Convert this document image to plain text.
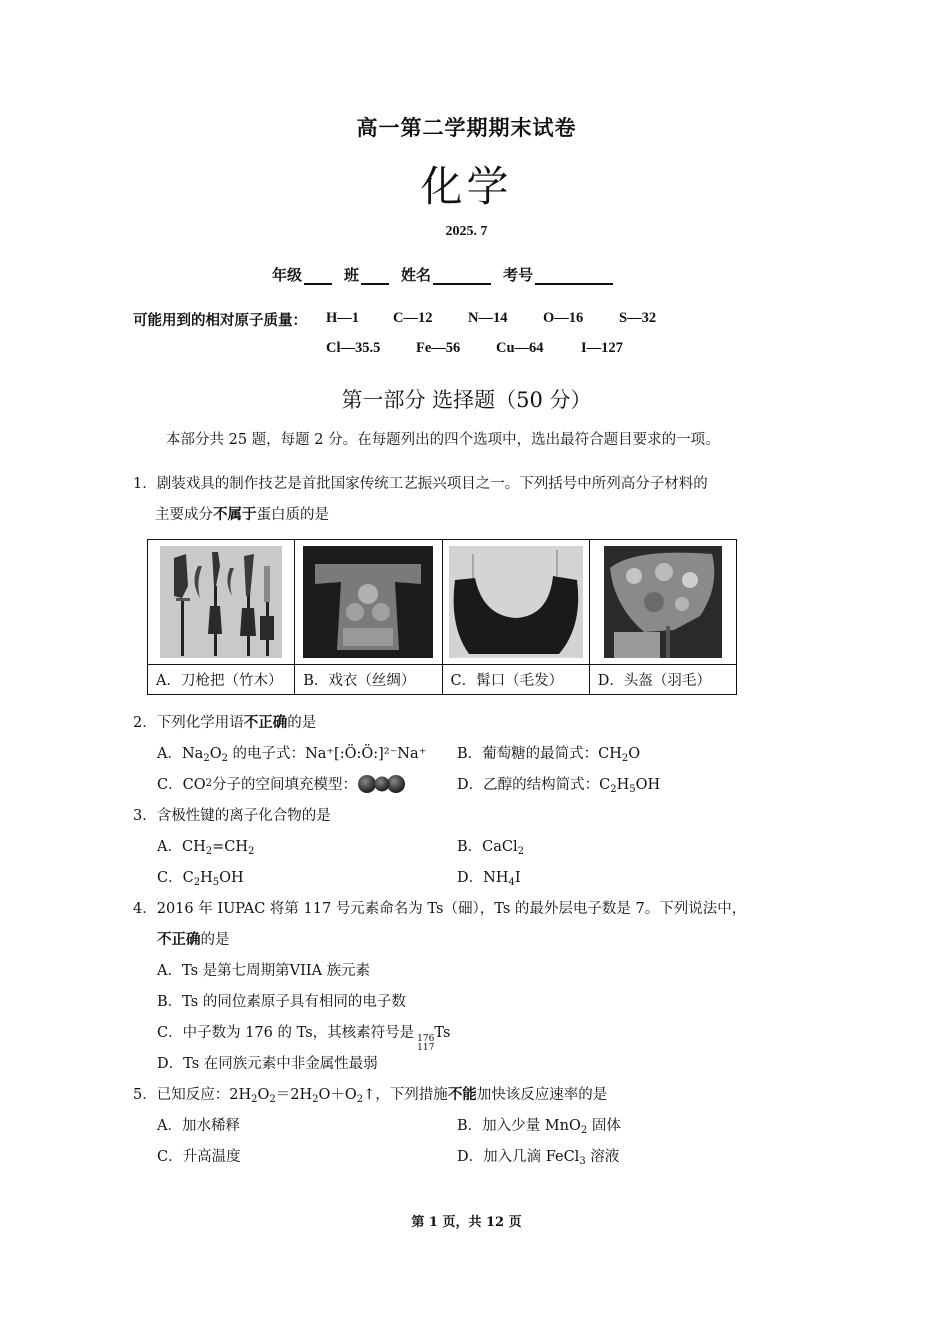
高一第二学期期末试卷
化学
2025. 7
年级	班	姓名	考号
可能用到的相对原子质量： H—1 C—12 N—14 O—16 S—32
Cl—35.5 Fe—56 Cu—64	I—127
第一部分 选择题（50 分）
本部分共 25 题，每题 2 分。在每题列出的四个选项中，选出最符合题目要求的一项。
1．剧装戏具的制作技艺是首批国家传统工艺振兴项目之一。下列括号中所列高分子材料的
主要成分不属于蛋白质的是
A．刀枪把（竹木）	B．戏衣（丝绸）	C．髯口（毛发）	D．头盔（羽毛）
2．下列化学用语不正确的是
A．$Na_2O_2$ 的电子式：Na⁺[:Ö:Ö:]²⁻Na⁺ B．葡萄糖的最简式：$CH_2O$
C．CO 2 分子的空间填充模型：	D．乙醇的结构简式：$C_2H_5OH$
3．含极性键的离子化合物的是
A．$CH_2=CH_2$	B．CaCl$_2$
C．$C_2H_5OH$	D．$NH_4I$
4．2016 年 IUPAC 将第 117 号元素命名为 Ts（鿬），Ts 的最外层电子数是 7。下列说法中，
不正确的是
A．Ts 是第七周期第VIIA 族元素
B．Ts 的同位素原子具有相同的电子数
C．中子数为 176 的 Ts，其核素符号是 176
117
Ts
D．Ts 在同族元素中非金属性最弱
5．已知反应：$2H_2O_2=2H_2O+O_2↑$，下列措施不能加快该反应速率的是
A．加水稀释	B．加入少量 MnO$_2$ 固体
C．升高温度	D．加入几滴 FeCl$_3$ 溶液
第 1 页，共 12 页
